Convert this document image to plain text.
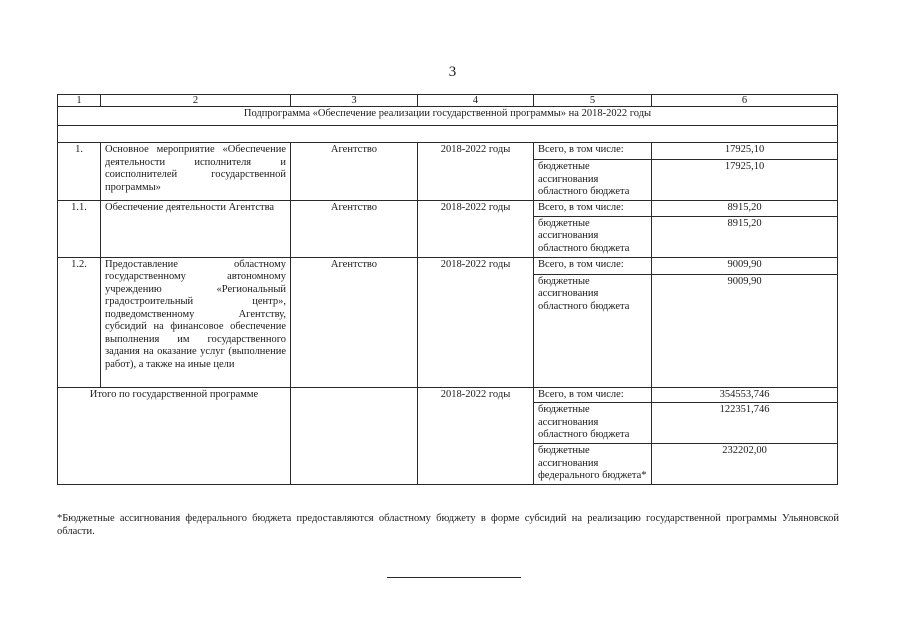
3
1	2	3	4	5	6
Подпрограмма «Обеспечение реализации государственной программы» на 2018-2022 годы					

1.	Основное мероприятие «Обеспечение деятельности исполнителя и соисполнителей государственной программы»	Агентство	2018-2022 годы	Всего, в том числе:	17925,10
				бюджетные ассигнования областного бюджета	17925,10
1.1.	Обеспечение деятельности Агентства	Агентство	2018-2022 годы	Всего, в том числе:	8915,20
				бюджетные ассигнования областного бюджета	8915,20
1.2.	Предоставление областному государственному автономному учреждению «Региональный градостроительный центр», подведомственному Агентству, субсидий на финансовое обеспечение выполнения им государственного задания на оказание услуг (выполнение работ), а также на иные цели	Агентство	2018-2022 годы	Всего, в том числе:	9009,90
				бюджетные ассигнования областного бюджета	9009,90
Итого по государственной программе			2018-2022 годы	Всего, в том числе:	354553,746
				бюджетные ассигнования областного бюджета	122351,746
				бюджетные ассигнования федерального бюджета*	232202,00
*Бюджетные ассигнования федерального бюджета предоставляются областному бюджету в форме субсидий на реализацию государственной программы Ульяновской области.
